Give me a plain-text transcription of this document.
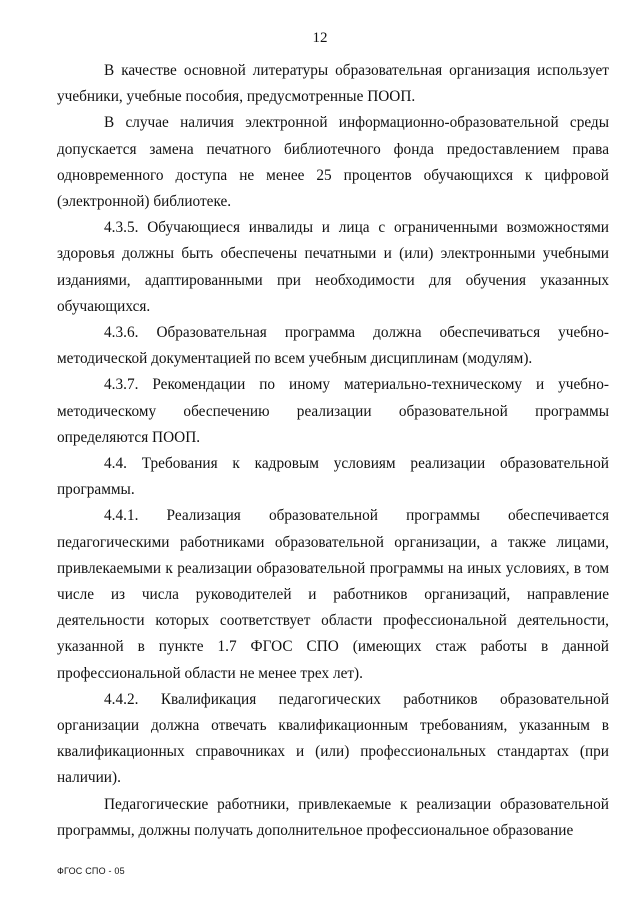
12

В качестве основной литературы образовательная организация использует учебники, учебные пособия, предусмотренные ПООП.

В случае наличия электронной информационно-образовательной среды допускается замена печатного библиотечного фонда предоставлением права одновременного доступа не менее 25 процентов обучающихся к цифровой (электронной) библиотеке.

4.3.5. Обучающиеся инвалиды и лица с ограниченными возможностями здоровья должны быть обеспечены печатными и (или) электронными учебными изданиями, адаптированными при необходимости для обучения указанных обучающихся.

4.3.6. Образовательная программа должна обеспечиваться учебно-методической документацией по всем учебным дисциплинам (модулям).

4.3.7. Рекомендации по иному материально-техническому и учебно-методическому обеспечению реализации образовательной программы определяются ПООП.

4.4. Требования к кадровым условиям реализации образовательной программы.

4.4.1. Реализация образовательной программы обеспечивается педагогическими работниками образовательной организации, а также лицами, привлекаемыми к реализации образовательной программы на иных условиях, в том числе из числа руководителей и работников организаций, направление деятельности которых соответствует области профессиональной деятельности, указанной в пункте 1.7 ФГОС СПО (имеющих стаж работы в данной профессиональной области не менее трех лет).

4.4.2. Квалификация педагогических работников образовательной организации должна отвечать квалификационным требованиям, указанным в квалификационных справочниках и (или) профессиональных стандартах (при наличии).

Педагогические работники, привлекаемые к реализации образовательной программы, должны получать дополнительное профессиональное образование

ФГОС СПО - 05
